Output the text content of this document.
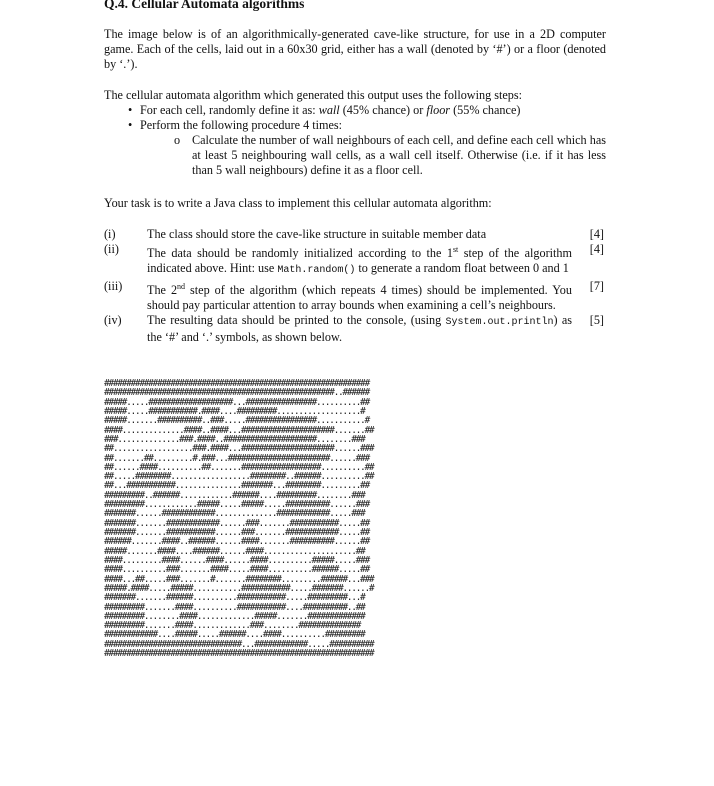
Q.4. Cellular Automata algorithms
The image below is of an algorithmically-generated cave-like structure, for use in a 2D computer game. Each of the cells, laid out in a 60x30 grid, either has a wall (denoted by ‘#’) or a floor (denoted by ‘.’).
The cellular automata algorithm which generated this output uses the following steps:
• For each cell, randomly define it as: wall (45% chance) or floor (55% chance)
• Perform the following procedure 4 times:
o Calculate the number of wall neighbours of each cell, and define each cell which has at least 5 neighbouring wall cells, as a wall cell itself. Otherwise (i.e. if it has less than 5 wall neighbours) define it as a floor cell.
Your task is to write a Java class to implement this cellular automata algorithm:
(i)	The class should store the cave-like structure in suitable member data	[4]
(ii) The data should be randomly initialized according to the 1st step of the algorithm indicated above. Hint: use Math.random() to generate a random float between 0 and 1
[4]
(iii) The 2nd step of the algorithm (which repeats 4 times) should be implemented. You should pay particular attention to array bounds when examining a cell’s neighbours.
[7]
(iv) The resulting data should be printed to the console, (using System.out.println) as the ‘#’ and ‘.’ symbols, as shown below.
[5]
############################################################
####################################################..######
#####.....###################...################..........##
#####.....###########.####....#########...................#
#####.......##########..###.....################...........#
####..............####..####...#####################.......##
###..............###.####..#####################........###
##..................###.####...#####################......###
##.......##.........#.###...#######################......###
##......####..........##.......##################..........##
##.....########..................########..######..........##
##...###########...............#######...########.........##
#########..######............######....#########........###
#########............#####.....#####.....##########......###
#######......############..............############.....###
#######.......############......###.......###########.....##
#######.......###########......###.......############.....##
######.......####..######......####.......##########......##
#####.......####....######......####.....................##
####.........####......####......####..........#####.....###
####..........###.......####.....####..........######.....##
####...##.....###.......#.......########.........######...###
#####.####.....#####...........###########.....#######......#
#######.......######..........###########.....#########...#
#########.......####..........###########....##########..##
#########........####.............#####.......#############
#########.......####.............###........##############
############....#####.....######....####..........#########
###############################...############.....##########
#############################################################
